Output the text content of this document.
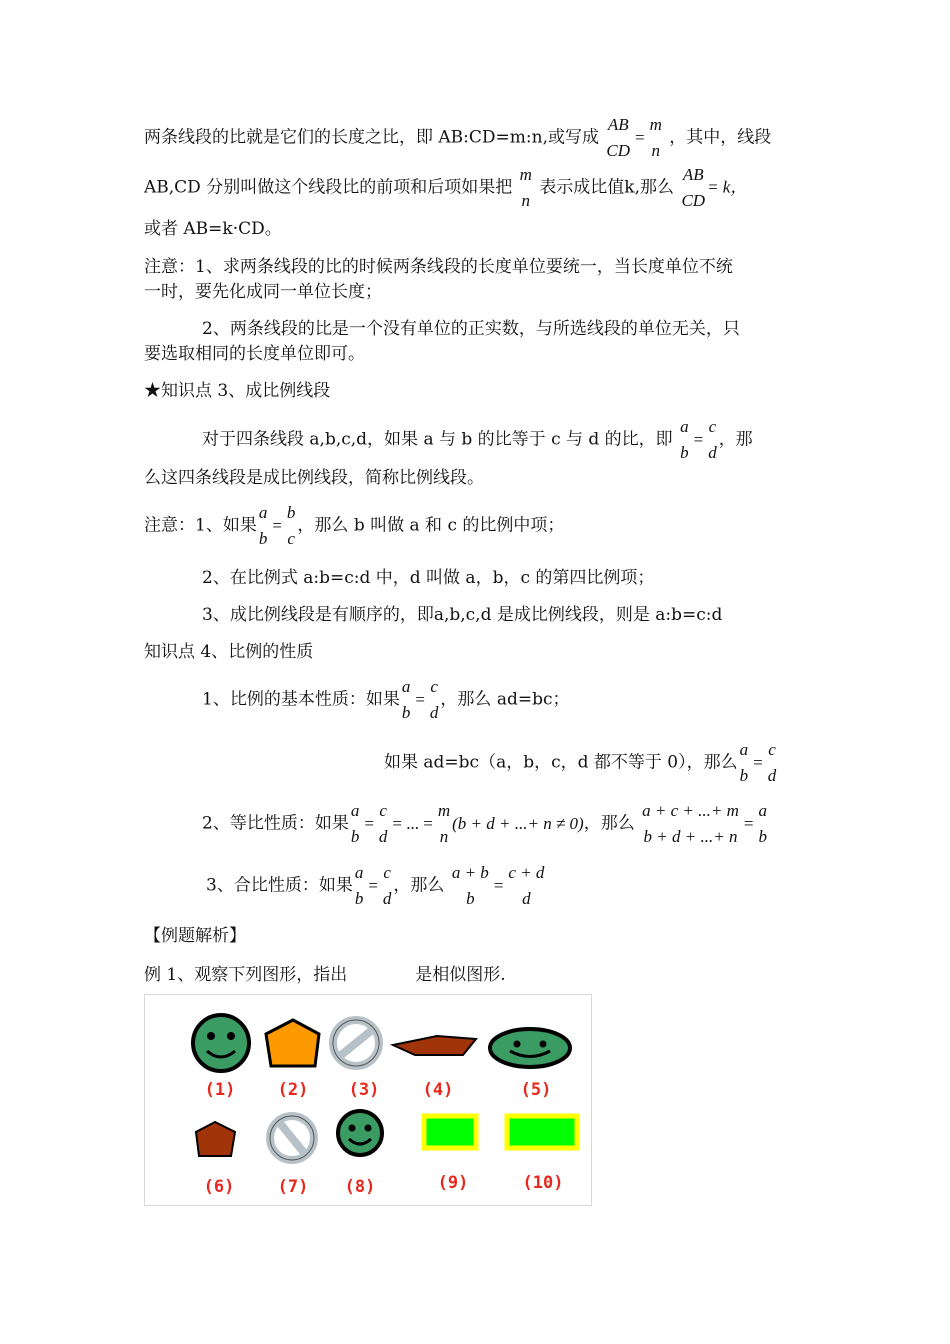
两条线段的比就是它们的长度之比，即 AB:CD=m:n,或写成
AB
CD
=
m
n
，其中，线段
AB,CD 分别叫做这个线段比的前项和后项如果把
m
n
表示成比值k,那么
AB
CD
= k，
或者 AB=k·CD。
注意：1、求两条线段的比的时候两条线段的长度单位要统一，当长度单位不统
一时，要先化成同一单位长度；
2、两条线段的比是一个没有单位的正实数，与所选线段的单位无关，只
要选取相同的长度单位即可。
★知识点 3、成比例线段
对于四条线段 a,b,c,d，如果 a 与 b 的比等于 c 与 d 的比，即
a
b
=
c
d
，那
么这四条线段是成比例线段，简称比例线段。
注意：1、如果
a
b
=
b
c
，那么 b 叫做 a 和 c 的比例中项；
2、在比例式 a:b=c:d 中，d 叫做 a，b，c 的第四比例项；
3、成比例线段是有顺序的，即a,b,c,d 是成比例线段，则是 a:b=c:d
知识点 4、比例的性质
1、比例的基本性质：如果
a
b
=
c
d
，那么 ad=bc；
如果 ad=bc（a，b，c，d 都不等于 0），那么
a
b
=
c
d
2、等比性质：如果
a
b
=
c
d
= ... =
m
n
(b + d + ...+ n ≠ 0)，那么
a + c + ...+ m
b + d + ...+ n
=
a
b
3、合比性质：如果
a
b
=
c
d
，那么
a + b
b
=
c + d
d
【例题解析】
例 1、观察下列图形，指出	是相似图形.
(1)	(2)	(3)	(4)	(5)
(6)	(7)	(8)	(9)	(10)
